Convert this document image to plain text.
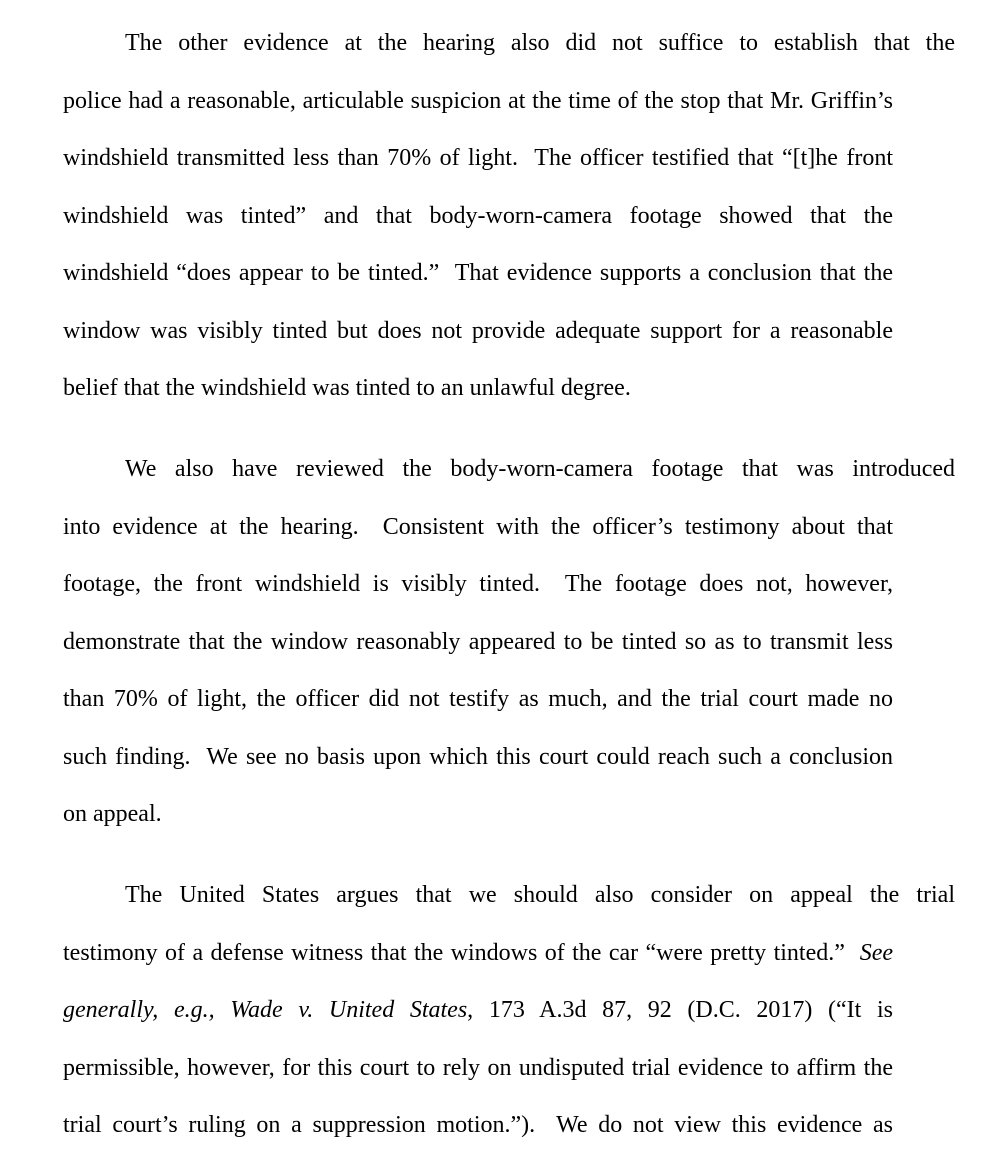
The other evidence at the hearing also did not suffice to establish that the
police had a reasonable, articulable suspicion at the time of the stop that Mr. Griffin’s
windshield transmitted less than 70% of light.  The officer testified that “[t]he front
windshield was tinted” and that body-worn-camera footage showed that the
windshield “does appear to be tinted.”  That evidence supports a conclusion that the
window was visibly tinted but does not provide adequate support for a reasonable
belief that the windshield was tinted to an unlawful degree.
We also have reviewed the body-worn-camera footage that was introduced
into evidence at the hearing.  Consistent with the officer’s testimony about that
footage, the front windshield is visibly tinted.  The footage does not, however,
demonstrate that the window reasonably appeared to be tinted so as to transmit less
than 70% of light, the officer did not testify as much, and the trial court made no
such finding.  We see no basis upon which this court could reach such a conclusion
on appeal.
The United States argues that we should also consider on appeal the trial
testimony of a defense witness that the windows of the car “were pretty tinted.”  See
generally, e.g., Wade v. United States, 173 A.3d 87, 92 (D.C. 2017) (“It is
permissible, however, for this court to rely on undisputed trial evidence to affirm the
trial court’s ruling on a suppression motion.”).  We do not view this evidence as
